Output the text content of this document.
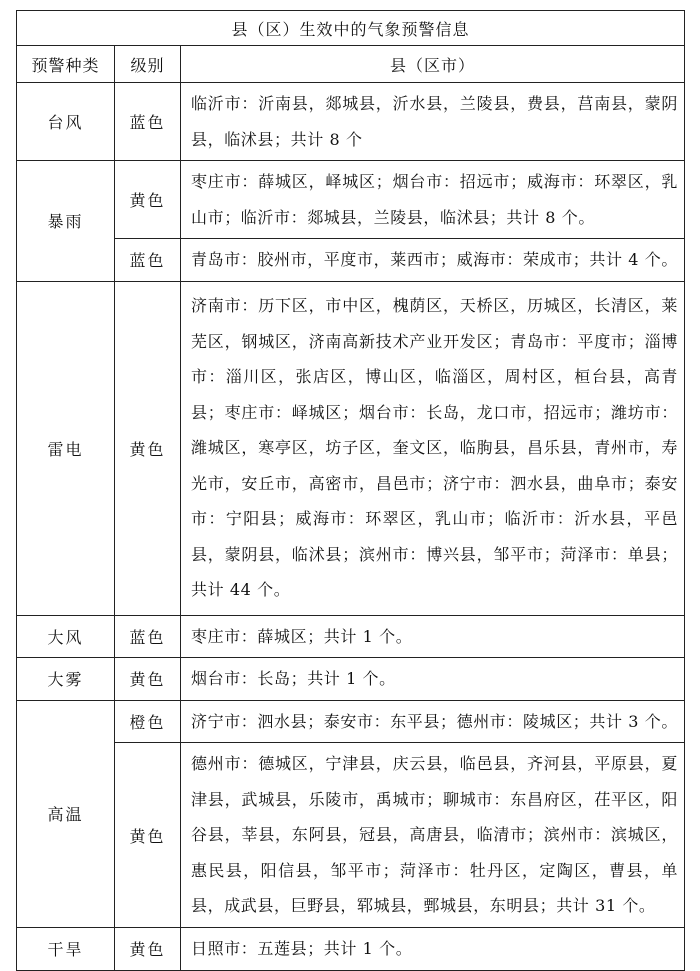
县（区）生效中的气象预警信息		
预警种类	级别	县（区市）
台风	蓝色	临沂市：沂南县，郯城县，沂水县，兰陵县，费县，莒南县，蒙阴县，临沭县；共计 8 个
暴雨	黄色	枣庄市：薛城区，峄城区；烟台市：招远市；威海市：环翠区，乳山市；临沂市：郯城县，兰陵县，临沭县；共计 8 个。
	蓝色	青岛市：胶州市，平度市，莱西市；威海市：荣成市；共计 4 个。
雷电	黄色	济南市：历下区，市中区，槐荫区，天桥区，历城区，长清区，莱芜区，钢城区，济南高新技术产业开发区；青岛市：平度市；淄博市：淄川区，张店区，博山区，临淄区，周村区，桓台县，高青县；枣庄市：峄城区；烟台市：长岛，龙口市，招远市；潍坊市：潍城区，寒亭区，坊子区，奎文区，临朐县，昌乐县，青州市，寿光市，安丘市，高密市，昌邑市；济宁市：泗水县，曲阜市；泰安市：宁阳县；威海市：环翠区，乳山市；临沂市：沂水县，平邑县，蒙阴县，临沭县；滨州市：博兴县，邹平市；菏泽市：单县；共计 44 个。
大风	蓝色	枣庄市：薛城区；共计 1 个。
大雾	黄色	烟台市：长岛；共计 1 个。
高温	橙色	济宁市：泗水县；泰安市：东平县；德州市：陵城区；共计 3 个。
	黄色	德州市：德城区，宁津县，庆云县，临邑县，齐河县，平原县，夏津县，武城县，乐陵市，禹城市；聊城市：东昌府区，茌平区，阳谷县，莘县，东阿县，冠县，高唐县，临清市；滨州市：滨城区，惠民县，阳信县，邹平市；菏泽市：牡丹区，定陶区，曹县，单县，成武县，巨野县，郓城县，鄄城县，东明县；共计 31 个。
干旱	黄色	日照市：五莲县；共计 1 个。
